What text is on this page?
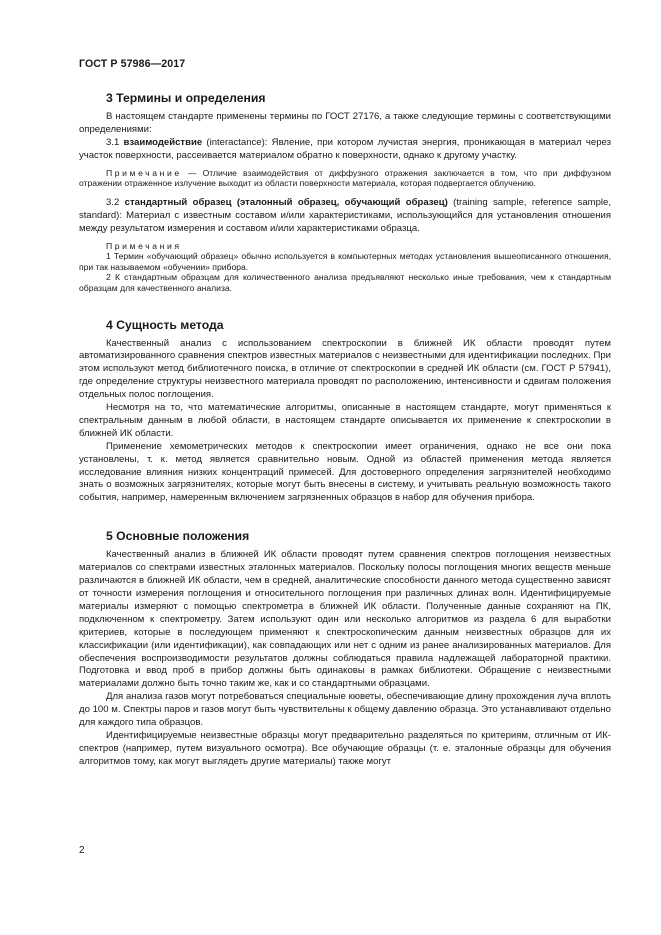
ГОСТ Р 57986—2017
3 Термины и определения

В настоящем стандарте применены термины по ГОСТ 27176, а также следующие термины с соответствующими определениями:

3.1 взаимодействие (interactance): Явление, при котором лучистая энергия, проникающая в материал через участок поверхности, рассеивается материалом обратно к поверхности, однако к другому участку.

Примечание — Отличие взаимодействия от диффузного отражения заключается в том, что при диффузном отражении отраженное излучение выходит из области поверхности материала, которая подвергается облучению.

3.2 стандартный образец (эталонный образец, обучающий образец) (training sample, reference sample, standard): Материал с известным составом и/или характеристиками, использующийся для установления отношения между результатом измерения и составом и/или характеристиками образца.

Примечания

1 Термин «обучающий образец» обычно используется в компьютерных методах установления вышеописанного отношения, при так называемом «обучении» прибора.

2 К стандартным образцам для количественного анализа предъявляют несколько иные требования, чем к стандартным образцам для качественного анализа.

4 Сущность метода

Качественный анализ с использованием спектроскопии в ближней ИК области проводят путем автоматизированного сравнения спектров известных материалов с неизвестными для идентификации последних. При этом используют метод библиотечного поиска, в отличие от спектроскопии в средней ИК области (см. ГОСТ Р 57941), где определение структуры неизвестного материала проводят по расположению, интенсивности и сдвигам положения отдельных полос поглощения.

Несмотря на то, что математические алгоритмы, описанные в настоящем стандарте, могут применяться к спектральным данным в любой области, в настоящем стандарте описывается их применение к спектроскопии в ближней ИК области.

Применение хемометрических методов к спектроскопии имеет ограничения, однако не все они пока установлены, т. к. метод является сравнительно новым. Одной из областей применения метода является исследование влияния низких концентраций примесей. Для достоверного определения загрязнителей необходимо знать о возможных загрязнителях, которые могут быть внесены в систему, и учитывать реальную возможность такого события, например, намеренным включением загрязненных образцов в набор для обучения прибора.

5 Основные положения

Качественный анализ в ближней ИК области проводят путем сравнения спектров поглощения неизвестных материалов со спектрами известных эталонных материалов. Поскольку полосы поглощения многих веществ меньше различаются в ближней ИК области, чем в средней, аналитические способности данного метода существенно зависят от точности измерения поглощения и относительного поглощения при различных длинах волн. Идентифицируемые материалы измеряют с помощью спектрометра в ближней ИК области. Полученные данные сохраняют на ПК, подключенном к спектрометру. Затем используют один или несколько алгоритмов из раздела 6 для выработки критериев, которые в последующем применяют к спектроскопическим данным неизвестных образцов для их классификации (или идентификации), как совпадающих или нет с одним из ранее анализированных материалов. Для обеспечения воспроизводимости результатов должны соблюдаться правила надлежащей лабораторной практики. Подготовка и ввод проб в прибор должны быть одинаковы в рамках библиотеки. Обращение с неизвестными материалами должно быть точно таким же, как и со стандартными образцами.

Для анализа газов могут потребоваться специальные кюветы, обеспечивающие длину прохождения луча вплоть до 100 м. Спектры паров и газов могут быть чувствительны к общему давлению образца. Это устанавливают отдельно для каждого типа образцов.

Идентифицируемые неизвестные образцы могут предварительно разделяться по критериям, отличным от ИК-спектров (например, путем визуального осмотра). Все обучающие образцы (т. е. эталонные образцы для обучения алгоритмов тому, как могут выглядеть другие материалы) также могут

2
